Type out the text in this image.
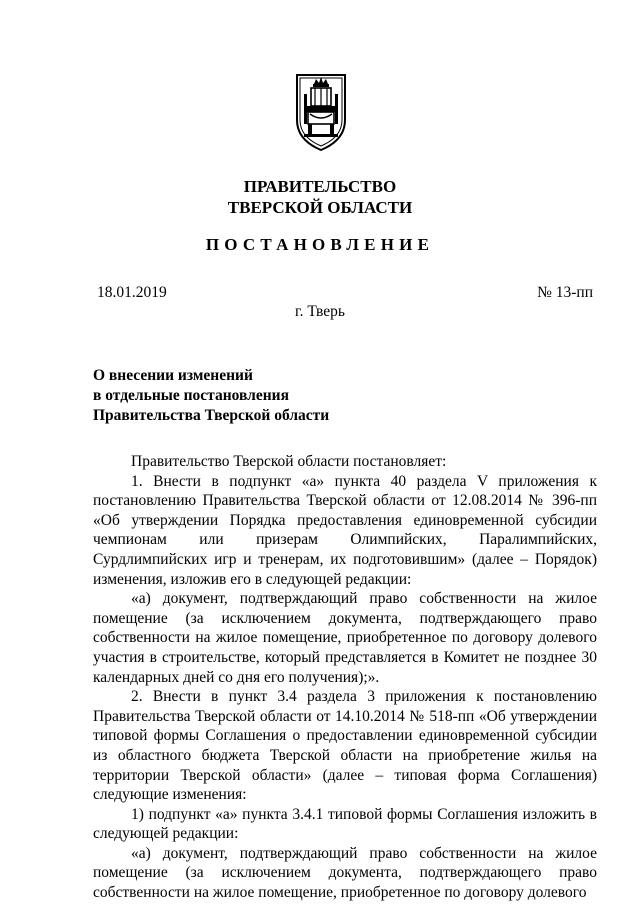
ПРАВИТЕЛЬСТВО
ТВЕРСКОЙ ОБЛАСТИ
ПОСТАНОВЛЕНИЕ
18.01.2019	№ 13-пп
г. Тверь
О внесении изменений
в отдельные постановления
Правительства Тверской области

Правительство Тверской области постановляет:

1. Внести в подпункт «а» пункта 40 раздела V приложения к постановлению Правительства Тверской области от 12.08.2014 № 396-пп «Об утверждении Порядка предоставления единовременной субсидии чемпионам или призерам Олимпийских, Паралимпийских, Сурдлимпийских игр и тренерам, их подготовившим» (далее – Порядок) изменения, изложив его в следующей редакции:

«а) документ, подтверждающий право собственности на жилое помещение (за исключением документа, подтверждающего право собственности на жилое помещение, приобретенное по договору долевого участия в строительстве, который представляется в Комитет не позднее 30 календарных дней со дня его получения);».

2. Внести в пункт 3.4 раздела 3 приложения к постановлению Правительства Тверской области от 14.10.2014 № 518-пп «Об утверждении типовой формы Соглашения о предоставлении единовременной субсидии из областного бюджета Тверской области на приобретение жилья на территории Тверской области» (далее – типовая форма Соглашения) следующие изменения:

1) подпункт «а» пункта 3.4.1 типовой формы Соглашения изложить в следующей редакции:

«а) документ, подтверждающий право собственности на жилое помещение (за исключением документа, подтверждающего право собственности на жилое помещение, приобретенное по договору долевого
